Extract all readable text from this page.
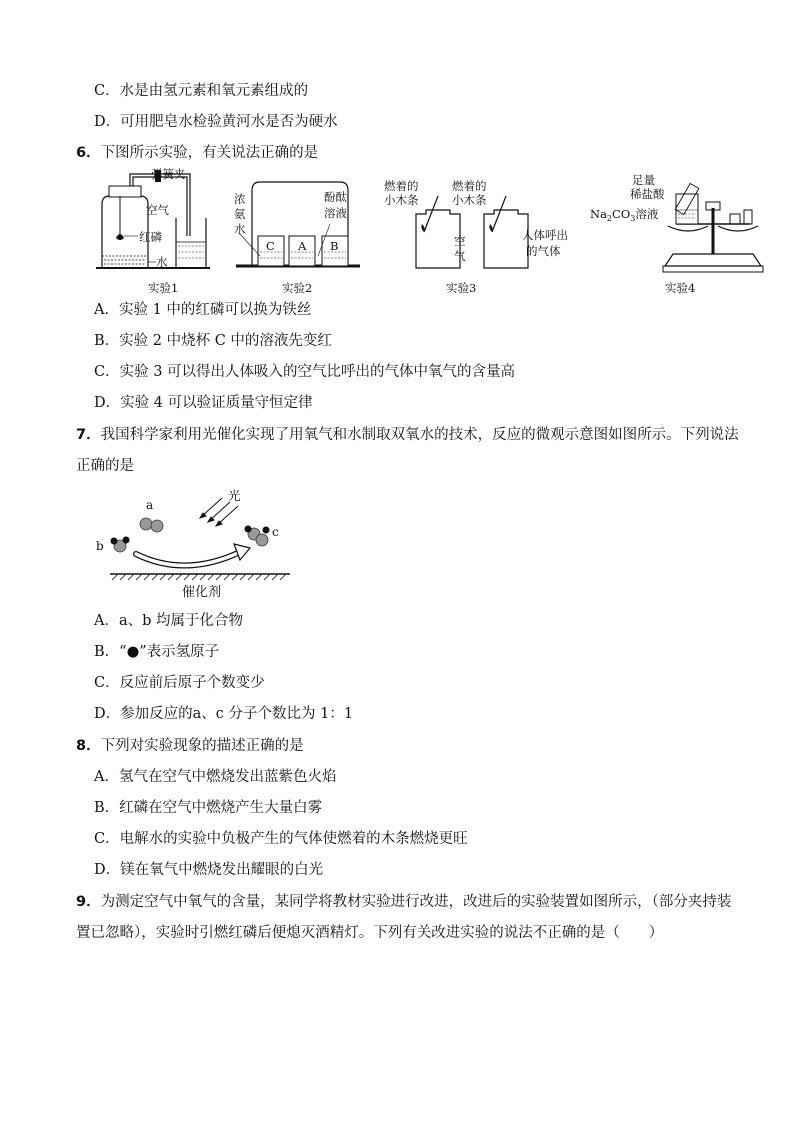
C．水是由氢元素和氧元素组成的
D．可用肥皂水检验黄河水是否为硬水
6．下图所示实验，有关说法正确的是
弹簧夹
空气
红磷
水
实验1
C A B
浓
氨
水
酚酞
溶液
实验2
燃着的
小木条
燃着的
小木条
空
气
人体呼出
的气体
实验3
足量
稀盐酸
$Na_2CO_3$溶液
实验4
A．实验 1 中的红磷可以换为铁丝
B．实验 2 中烧杯 C 中的溶液先变红
C．实验 3 可以得出人体吸入的空气比呼出的气体中氧气的含量高
D．实验 4 可以验证质量守恒定律
7．我国科学家利用光催化实现了用氧气和水制取双氧水的技术，反应的微观示意图如图所示。下列说法
正确的是
a
b
c
光
催化剂
A．a、b 均属于化合物
B．“●”表示氢原子
C．反应前后原子个数变少
D．参加反应的a、c 分子个数比为 1：1
8．下列对实验现象的描述正确的是
A．氢气在空气中燃烧发出蓝紫色火焰
B．红磷在空气中燃烧产生大量白雾
C．电解水的实验中负极产生的气体使燃着的木条燃烧更旺
D．镁在氧气中燃烧发出耀眼的白光
9．为测定空气中氧气的含量，某同学将教材实验进行改进，改进后的实验装置如图所示，（部分夹持装
置已忽略），实验时引燃红磷后便熄灭酒精灯。下列有关改进实验的说法不正确的是（　　）
